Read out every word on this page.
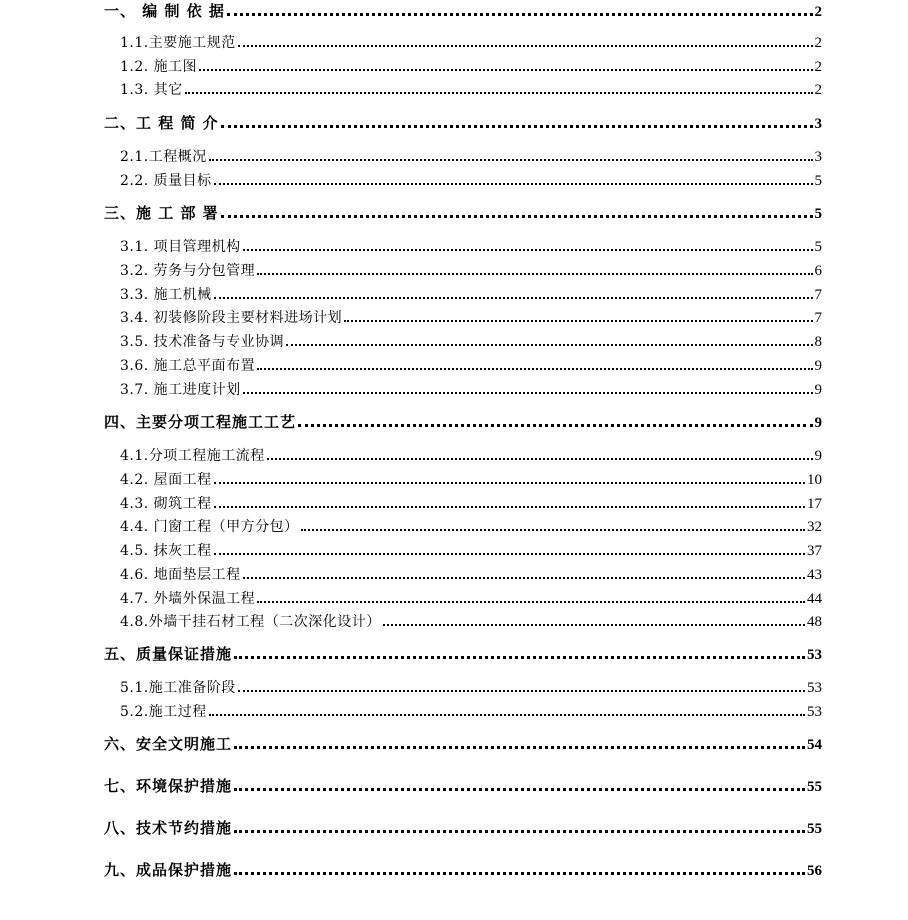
一、 编 制 依 据	2
1.1.主要施工规范	2
1.2. 施工图	2
1.3. 其它	2
二、工 程 简 介	3
2.1.工程概况	3
2.2. 质量目标	5
三、施 工 部 署	5
3.1. 项目管理机构	5
3.2. 劳务与分包管理	6
3.3. 施工机械	7
3.4. 初装修阶段主要材料进场计划	7
3.5. 技术准备与专业协调	8
3.6. 施工总平面布置	9
3.7. 施工进度计划	9
四、主要分项工程施工工艺	9
4.1.分项工程施工流程	9
4.2. 屋面工程	10
4.3. 砌筑工程	17
4.4. 门窗工程（甲方分包）	32
4.5. 抹灰工程	37
4.6. 地面垫层工程	43
4.7. 外墙外保温工程	44
4.8.外墙干挂石材工程（二次深化设计）	48
五、质量保证措施	53
5.1.施工准备阶段	53
5.2.施工过程	53
六、安全文明施工	54
七、环境保护措施	55
八、技术节约措施	55
九、成品保护措施	56
